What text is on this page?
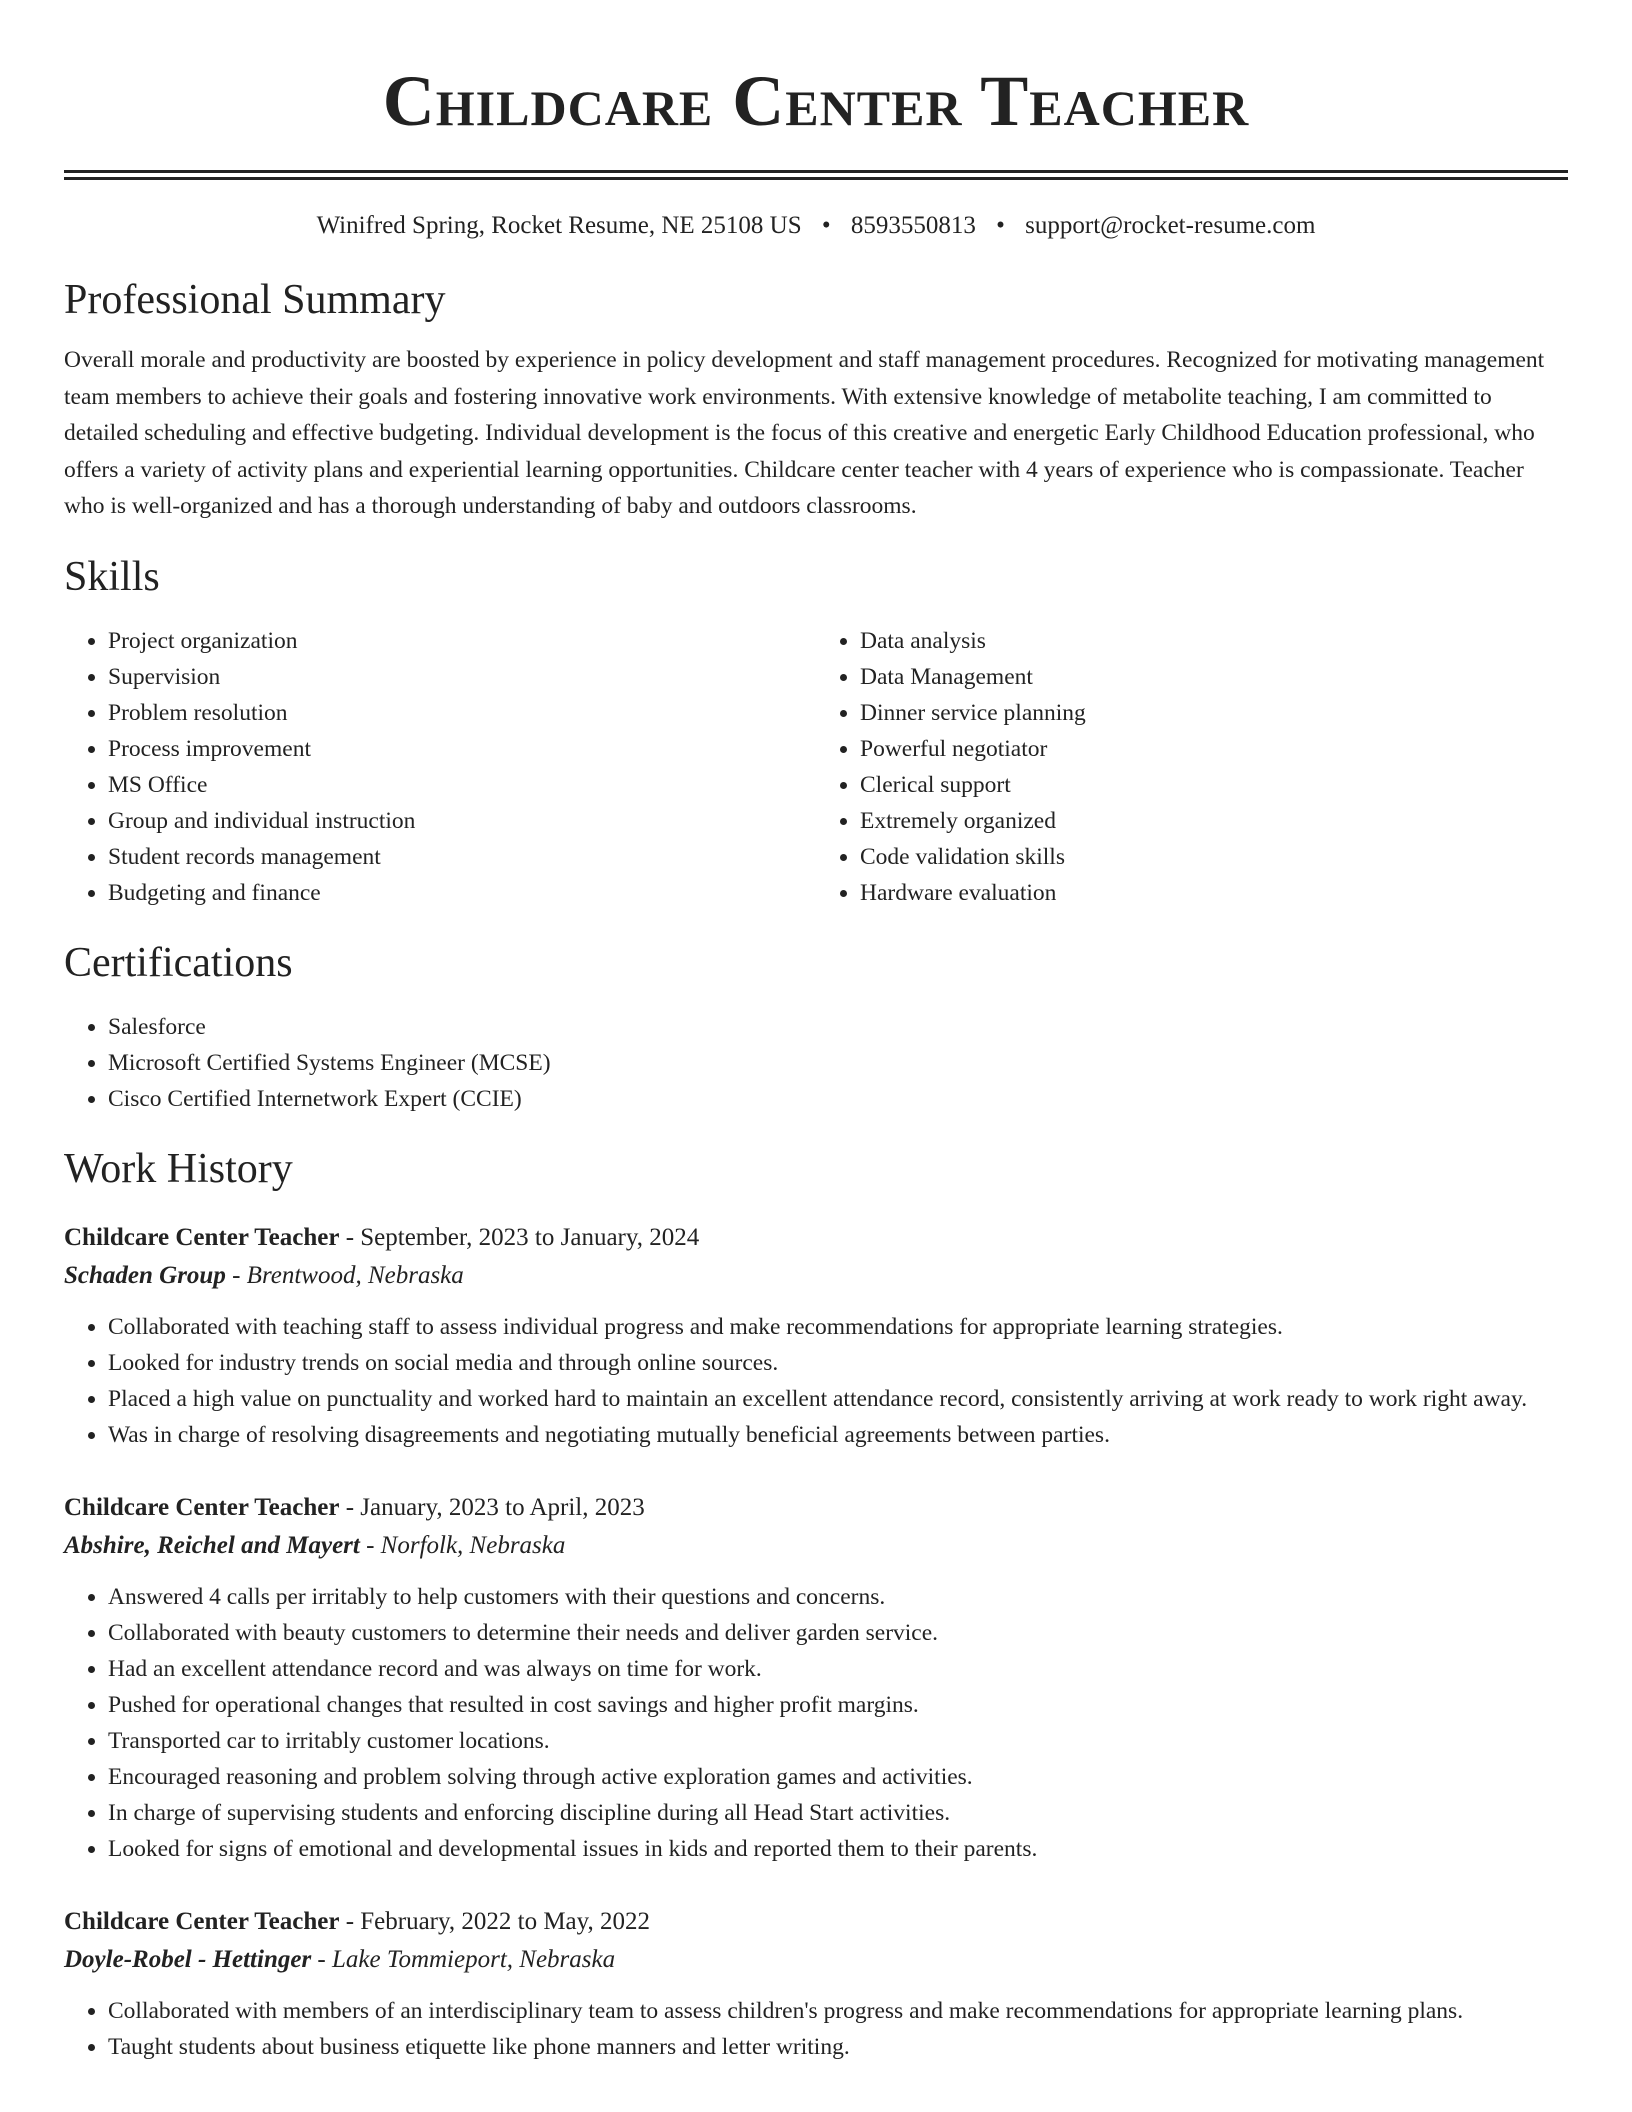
Childcare Center Teacher
Winifred Spring, Rocket Resume, NE 25108 US • 8593550813 • support@rocket-resume.com
Professional Summary
Overall morale and productivity are boosted by experience in policy development and staff management procedures. Recognized for motivating management team members to achieve their goals and fostering innovative work environments. With extensive knowledge of metabolite teaching, I am committed to detailed scheduling and effective budgeting. Individual development is the focus of this creative and energetic Early Childhood Education professional, who offers a variety of activity plans and experiential learning opportunities. Childcare center teacher with 4 years of experience who is compassionate. Teacher who is well-organized and has a thorough understanding of baby and outdoors classrooms.
Skills
• Project organization
• Supervision
• Problem resolution
• Process improvement
• MS Office
• Group and individual instruction
• Student records management
• Budgeting and finance
• Data analysis
• Data Management
• Dinner service planning
• Powerful negotiator
• Clerical support
• Extremely organized
• Code validation skills
• Hardware evaluation
Certifications
• Salesforce
• Microsoft Certified Systems Engineer (MCSE)
• Cisco Certified Internetwork Expert (CCIE)
Work History
Childcare Center Teacher - September, 2023 to January, 2024
Schaden Group - Brentwood, Nebraska
• Collaborated with teaching staff to assess individual progress and make recommendations for appropriate learning strategies.
• Looked for industry trends on social media and through online sources.
• Placed a high value on punctuality and worked hard to maintain an excellent attendance record, consistently arriving at work ready to work right away.
• Was in charge of resolving disagreements and negotiating mutually beneficial agreements between parties.
Childcare Center Teacher - January, 2023 to April, 2023
Abshire, Reichel and Mayert - Norfolk, Nebraska
• Answered 4 calls per irritably to help customers with their questions and concerns.
• Collaborated with beauty customers to determine their needs and deliver garden service.
• Had an excellent attendance record and was always on time for work.
• Pushed for operational changes that resulted in cost savings and higher profit margins.
• Transported car to irritably customer locations.
• Encouraged reasoning and problem solving through active exploration games and activities.
• In charge of supervising students and enforcing discipline during all Head Start activities.
• Looked for signs of emotional and developmental issues in kids and reported them to their parents.
Childcare Center Teacher - February, 2022 to May, 2022
Doyle-Robel - Hettinger - Lake Tommieport, Nebraska
• Collaborated with members of an interdisciplinary team to assess children's progress and make recommendations for appropriate learning plans.
• Taught students about business etiquette like phone manners and letter writing.
